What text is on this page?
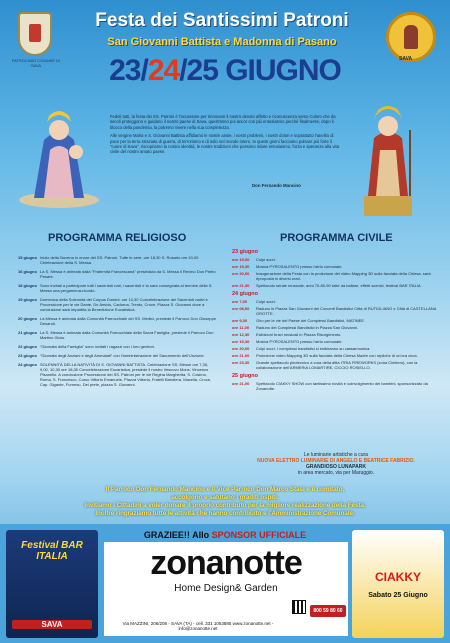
PATROCINIO COMUNE DI SAVA
SAVA
Festa dei Santissimi Patroni
San Giovanni Battista e Madonna di Pasano
23/24/25 GIUGNO

Fedeli tutti, la festa dei SS. Patroni è l'occasione per rinnovare il nostro devoto affetto e riconoscenza verso Coloro che da secoli proteggono e guidano il nostro paese di Sava, quest'anno poi ancor con più entusiasmo perché finalmente, dopo il blocco della pandemia, la potremo vivere nella sua completezza.

Alle vergine Maria e S. Giovanni Battista affidiamo le nostre ansie, i nostri problemi, i nostri dolori e soprattutto l'anelito di pace per la terra straziata di guerra, di terrorismo e di odio nel mondo intero. In questi giorni facciamo pulsare più forte il "cuore di Sava", riscopriamo la nostra identità, le nostre tradizioni che possono ridare entusiasmo, forza e speranza alla vita civile del nostro amato paese.

Don Fernando Mancino
PROGRAMMA RELIGIOSO	PROGRAMMA CIVILE
15 giugno Inizio della Novena in onore del SS. Patroni. Tutte le sere: ore 18,30 S. Rosario ore 19,00 Celebrazione della S. Messa.
16 giugno La S. Messa è animata dalla "Fraternità Francescana" presieduta da S. Messa il Revmo Don Pietro Pesare.
18 giugno Sono invitati a partecipare tutti i sacerdoti nati, i sacerdoti e la sarà consegnata al termine della S. Messa una pergamena-ricordo.
19 giugno Domenica della Solennità del Corpus Domini: ore 10,30 Concelebrazione dei Sacerdoti nativi e Processione per le vie Dante, De Amicis, Cadorna, Trento, Croce, Piazza S. Giovanni dove a conclusione sarà impartita la Benedizione Eucaristica.
20 giugno La Messa è animata dalla Comunità Parrocchiale dei SS. Medici, presiede il Parroco Don Giuseppe Desandi.
21 giugno La S. Messa è animata dalla Comunità Parrocchiale della Sacra Famiglia, presiede il Parroco Don Martino Gioia.
22 giugno "Giornata della Famiglia" sono invitati i ragazzi con i loro genitori.
23 giugno "Giornata degli Anziani e degli Ammalati" con l'amministrazione del Sacramento dell'Unzione.
24 giugno SOLENNITÀ DELLA NATIVITÀ DI S. GIOVANNI BATTISTA. Celebrazione SS. Messe ore 7,30, 9,00, 10,30 ore 18,30 Concelebrazione Eucaristica, presiede il nostro Vescovo Mons. Vincenzo Pisanello. A conclusione Processione dei SS. Patroni per le vie Regina Margherita, S. Cosimo, Roma, S. Francesco, Corso Vittorio Emanuele, Piazza Vittoria, Fratelli Bandiera, Macella, Croce, Cap. Gigante, Furnesu, Del prete, piazza S. Giovanni.
23 giugno
ore 19,00	Colpi scuri.
ore 19,30	Mostra PYROSALENTO presso l'atrio comunale.
ore 20,00	Inaugurazione della Festa con la proiezione del video Mapping 3D sulla facciata della Chiesa, sarà riproposta in diversi orari.
ore 21,30	Spettacolo serale musicale, anni 70-80-90 tutte da ballare, effetti scenici, festival BAR ITALIA.
24 giugno
ore 7,00	Colpi scuri.
ore 08,00	Raduno in Piazza San Giovanni dei Concerti Bandistici Città di RUTIGLIANO e Città di CASTELLANA GROTTE.
ore 9,30	Giro per le vie del Paese dei Complessi Bandistici, MATINEE.
ore 11,00	Raduno dei Complessi Bandistici in Piazza San Giovanni.
ore 12,30	Esibizioni bravi musicali in Piazza Risorgimento.
ore 19,30	Mostra PYROSALENTO presso l'atrio comunale.
ore 20,00	Colpi scuri. I complessi bandistici si esibiranno su cassarmonica.
ore 21,00	Proiezione video Mapping 3D sulla facciata della Chiesa Madre con repliche di un'ora circa.
ore 23,30	Grande spettacolo pirotecnico a cura della ditta ITRIA FIREWORKS (zona Cimitero), con la collaborazione dell'ARMERIA LOMARTIRE, CICCIO ROSIELLO.
25 giugno
ore 21,00	Spettacolo CIAKKY SHOW con tantissimo novità e coinvolgimento dei bambini, sponsorizzato da Zonanotte.
Le luminarie artistiche a cura
NUOVA ELETTRO LUMINARIE DI ANGELO E BEATRICE FABRIZIO.
GRANDIOSO LUNAPARK
in area mercato, via per Maruggio.
Il Parroco Don Fernando Mancino e il Vice Parroco Don Marco Stasi e il comitato,
accolgono e salutano i graditi ospiti.
Invitiamo i Cittadini a voler donare il proprio contributo per la migliore realizzazione della Festa.
Inoltre ringraziamo tutte le attività che hanno contribuito e l'Amministrazione Comunale.
Festival BAR ITALIA
SAVA
CIAKKY
Sabato 25 Giugno
GRAZIEE!! Allo SPONSOR UFFICIALE
zonanotte
Home Design& Garden
Via MAZZINI, 206/208 - SAVA (TA) - cell. 331 1053885 www.zonanotte.net - info@zonanotte.net
800 59 80 60
